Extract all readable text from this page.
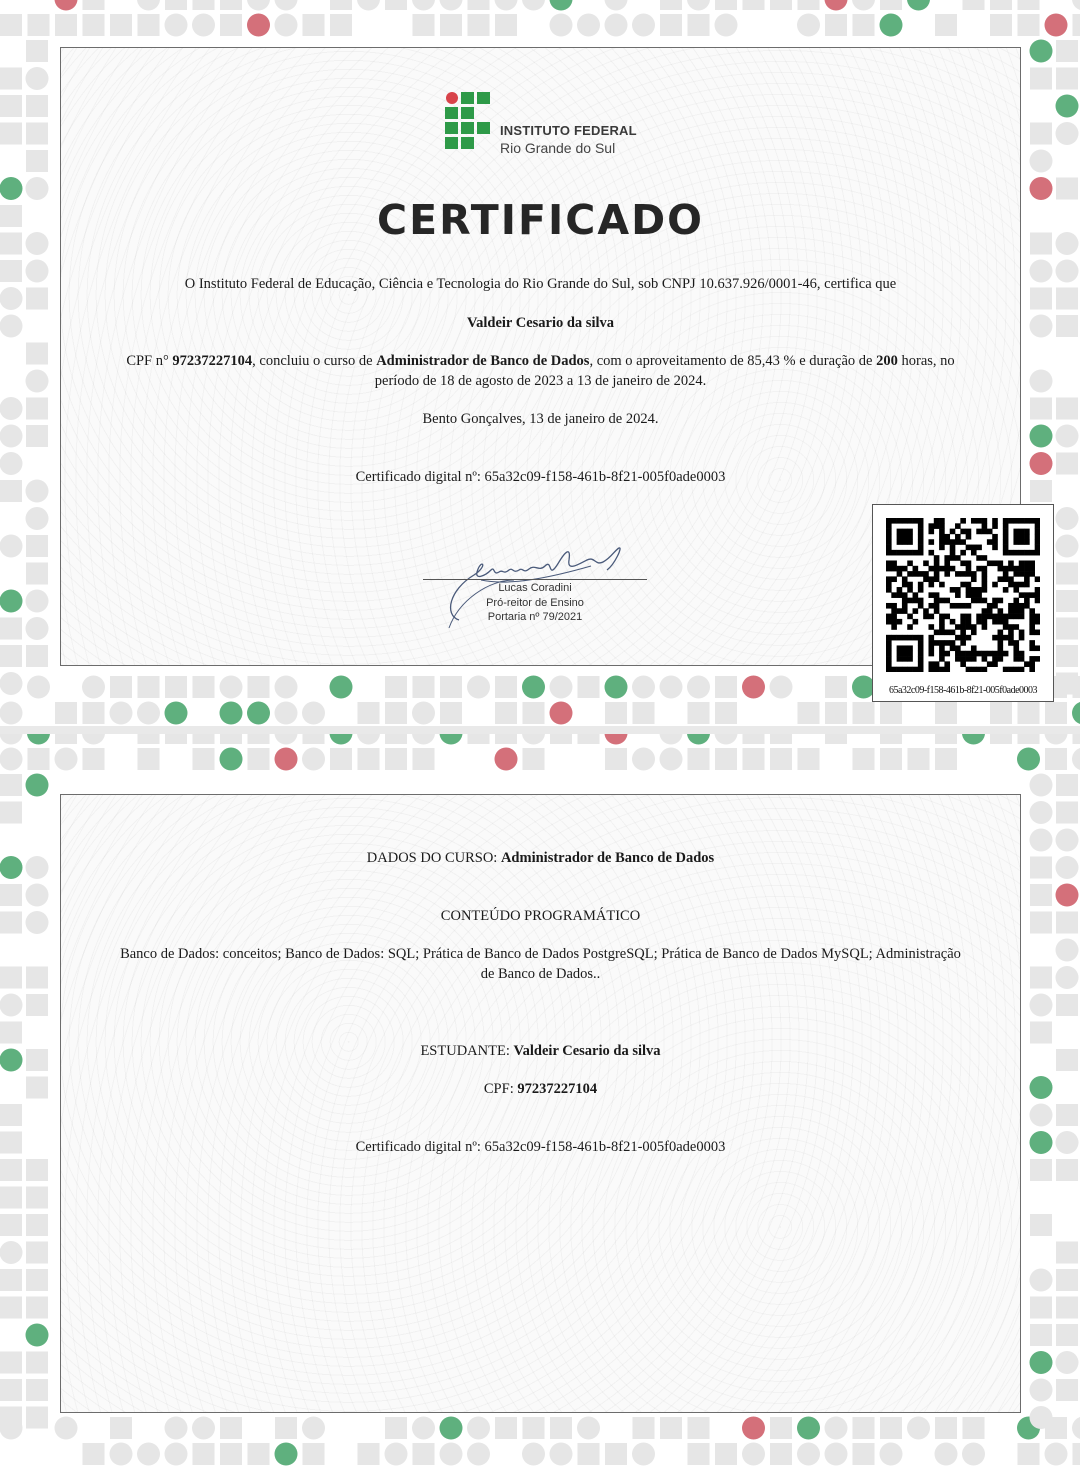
INSTITUTO FEDERAL
Rio Grande do Sul
CERTIFICADO
O Instituto Federal de Educação, Ciência e Tecnologia do Rio Grande do Sul, sob CNPJ 10.637.926/0001-46, certifica que
Valdeir Cesario da silva
CPF n° 97237227104, concluiu o curso de Administrador de Banco de Dados, com o aproveitamento de 85,43 % e duração de 200 horas, no
período de 18 de agosto de 2023 a 13 de janeiro de 2024.
Bento Gonçalves, 13 de janeiro de 2024.
Certificado digital nº: 65a32c09-f158-461b-8f21-005f0ade0003
Lucas Coradini
Pró-reitor de Ensino
Portaria nº 79/2021
65a32c09-f158-461b-8f21-005f0ade0003
DADOS DO CURSO: Administrador de Banco de Dados
CONTEÚDO PROGRAMÁTICO
Banco de Dados: conceitos; Banco de Dados: SQL; Prática de Banco de Dados PostgreSQL; Prática de Banco de Dados MySQL; Administração
de Banco de Dados..
ESTUDANTE: Valdeir Cesario da silva
CPF: 97237227104
Certificado digital nº: 65a32c09-f158-461b-8f21-005f0ade0003
